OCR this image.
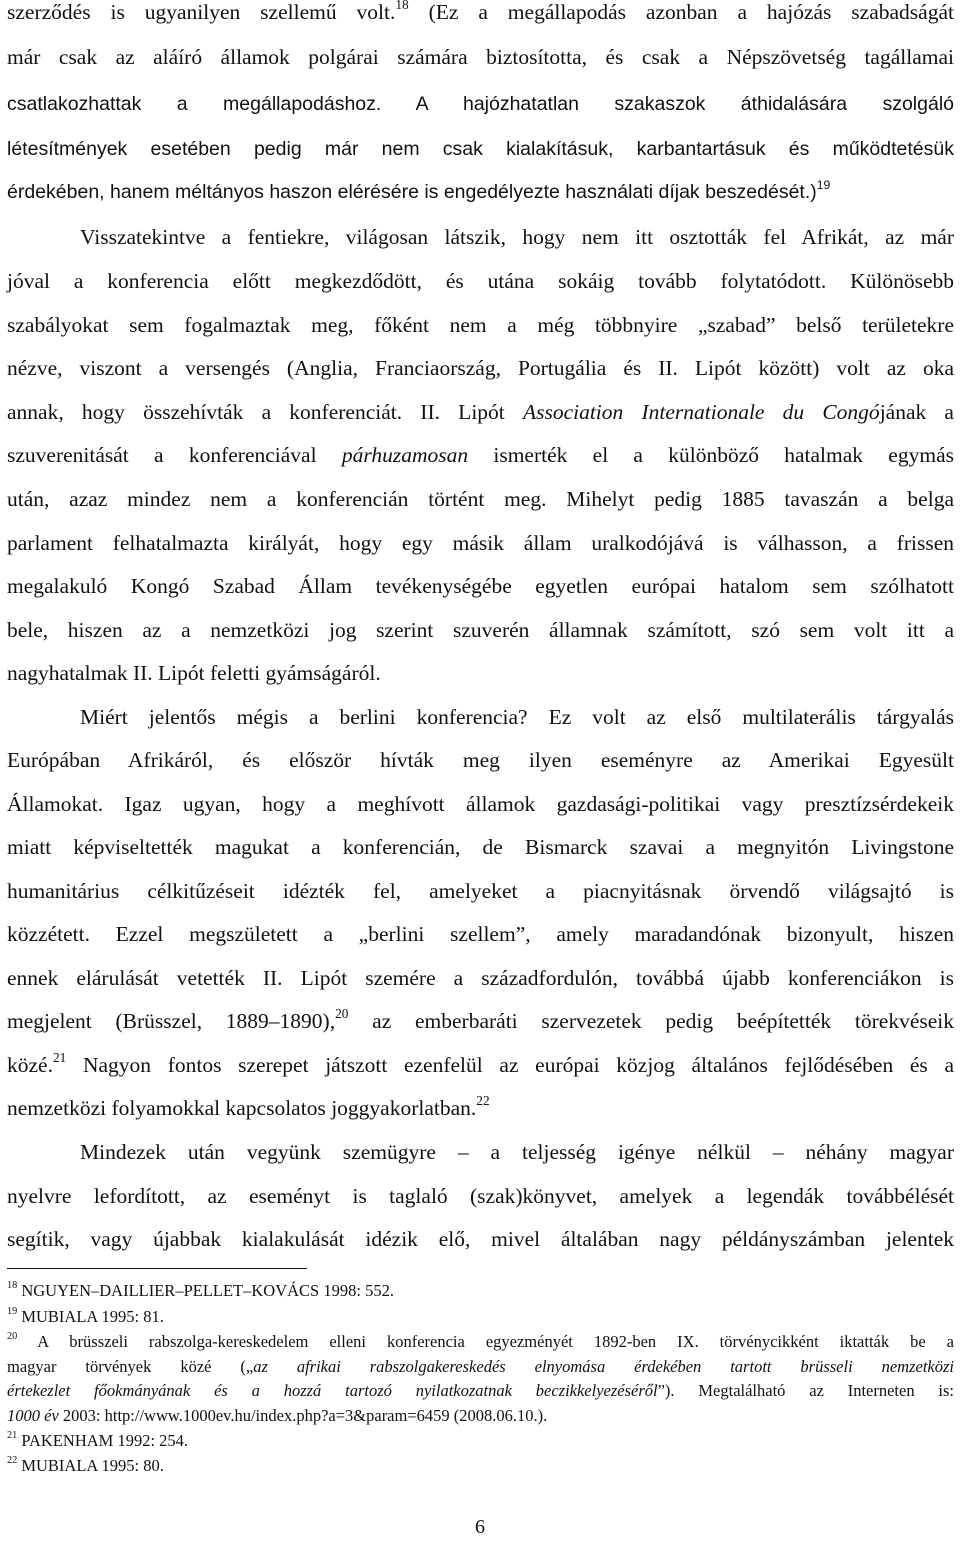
szerződés is ugyanilyen szellemű volt.$^{18}$ (Ez a megállapodás azonban a hajózás szabadságát
már csak az aláíró államok polgárai számára biztosította, és csak a Népszövetség tagállamai
csatlakozhattak a megállapodáshoz. A hajózhatatlan szakaszok áthidalására szolgáló
létesítmények esetében pedig már nem csak kialakításuk, karbantartásuk és működtetésük
érdekében, hanem méltányos haszon elérésére is engedélyezte használati díjak beszedését.)$^{19}$
Visszatekintve a fentiekre, világosan látszik, hogy nem itt osztották fel Afrikát, az már
jóval a konferencia előtt megkezdődött, és utána sokáig tovább folytatódott. Különösebb
szabályokat sem fogalmaztak meg, főként nem a még többnyire „szabad” belső területekre
nézve, viszont a versengés (Anglia, Franciaország, Portugália és II. Lipót között) volt az oka
annak, hogy összehívták a konferenciát. II. Lipót Association Internationale du Congójának a
szuverenitását a konferenciával párhuzamosan ismerték el a különböző hatalmak egymás
után, azaz mindez nem a konferencián történt meg. Mihelyt pedig 1885 tavaszán a belga
parlament felhatalmazta királyát, hogy egy másik állam uralkodójává is válhasson, a frissen
megalakuló Kongó Szabad Állam tevékenységébe egyetlen európai hatalom sem szólhatott
bele, hiszen az a nemzetközi jog szerint szuverén államnak számított, szó sem volt itt a
nagyhatalmak II. Lipót feletti gyámságáról.
Miért jelentős mégis a berlini konferencia? Ez volt az első multilaterális tárgyalás
Európában Afrikáról, és először hívták meg ilyen eseményre az Amerikai Egyesült
Államokat. Igaz ugyan, hogy a meghívott államok gazdasági-politikai vagy presztízsérdekeik
miatt képviseltették magukat a konferencián, de Bismarck szavai a megnyitón Livingstone
humanitárius célkitűzéseit idézték fel, amelyeket a piacnyitásnak örvendő világsajtó is
közzétett. Ezzel megszületett a „berlini szellem”, amely maradandónak bizonyult, hiszen
ennek elárulását vetették II. Lipót szemére a századfordulón, továbbá újabb konferenciákon is
megjelent (Brüsszel, 1889–1890),$^{20}$ az emberbaráti szervezetek pedig beépítették törekvéseik
közé.$^{21}$ Nagyon fontos szerepet játszott ezenfelül az európai közjog általános fejlődésében és a
nemzetközi folyamokkal kapcsolatos joggyakorlatban.$^{22}$
Mindezek után vegyünk szemügyre – a teljesség igénye nélkül – néhány magyar
nyelvre lefordított, az eseményt is taglaló (szak)könyvet, amelyek a legendák továbbélését
segítik, vagy újabbak kialakulását idézik elő, mivel általában nagy példányszámban jelentek
$^{18}$ NGUYEN–DAILLIER–PELLET–KOVÁCS 1998: 552.
$^{19}$ MUBIALA 1995: 81.
$^{20}$ A brüsszeli rabszolga-kereskedelem elleni konferencia egyezményét 1892-ben IX. törvénycikként iktatták be a
magyar törvények közé („az afrikai rabszolgakereskedés elnyomása érdekében tartott brüsseli nemzetközi
értekezlet főokmányának és a hozzá tartozó nyilatkozatnak beczikkelyezéséről”). Megtalálható az Interneten is:
1000 év 2003: http://www.1000ev.hu/index.php?a=3&param=6459 (2008.06.10.).
$^{21}$ PAKENHAM 1992: 254.
$^{22}$ MUBIALA 1995: 80.
6
